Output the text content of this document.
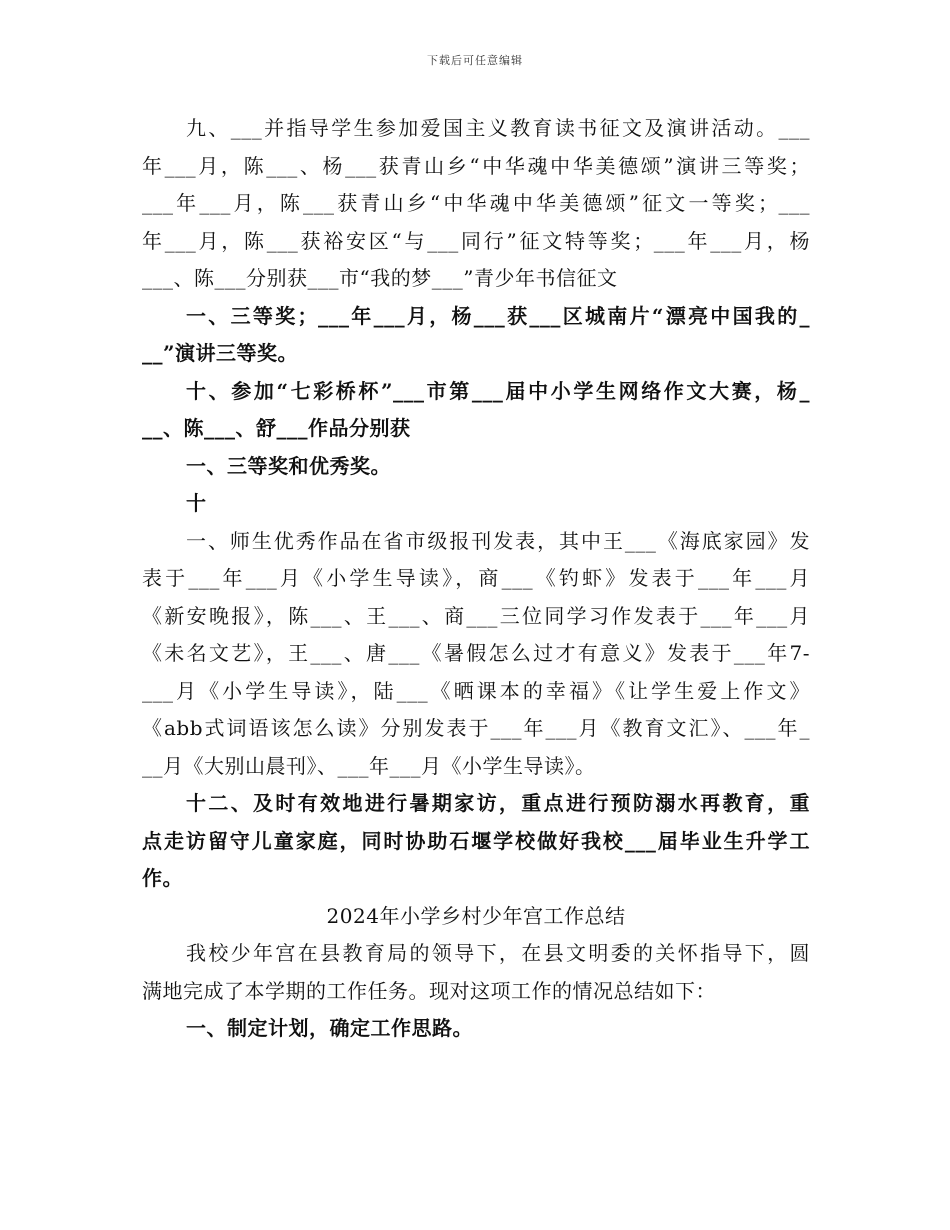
下载后可任意编辑
九、___并指导学生参加爱国主义教育读书征文及演讲活动。___
年___月，陈___、杨___获青山乡“中华魂中华美德颂”演讲三等奖；
___年___月，陈___获青山乡“中华魂中华美德颂”征文一等奖；___
年___月，陈___获裕安区“与___同行”征文特等奖；___年___月，杨
___、陈___分别获___市“我的梦___”青少年书信征文
一、三等奖；___年___月，杨___获___区城南片“漂亮中国我的_
__”演讲三等奖。
十、参加“七彩桥杯”___市第___届中小学生网络作文大赛，杨_
__、陈___、舒___作品分别获
一、三等奖和优秀奖。
十
一、师生优秀作品在省市级报刊发表，其中王___《海底家园》发
表于___年___月《小学生导读》，商___《钓虾》发表于___年___月
《新安晚报》，陈___、王___、商___三位同学习作发表于___年___月
《未名文艺》，王___、唐___《暑假怎么过才有意义》发表于___年7-
___月《小学生导读》，陆___《晒课本的幸福》《让学生爱上作文》
《abb式词语该怎么读》分别发表于___年___月《教育文汇》、___年_
__月《大别山晨刊》、___年___月《小学生导读》。
十二、及时有效地进行暑期家访，重点进行预防溺水再教育，重
点走访留守儿童家庭，同时协助石堰学校做好我校___届毕业生升学工
作。
2024年小学乡村少年宫工作总结
我校少年宫在县教育局的领导下，在县文明委的关怀指导下，圆
满地完成了本学期的工作任务。现对这项工作的情况总结如下：
一、制定计划，确定工作思路。
